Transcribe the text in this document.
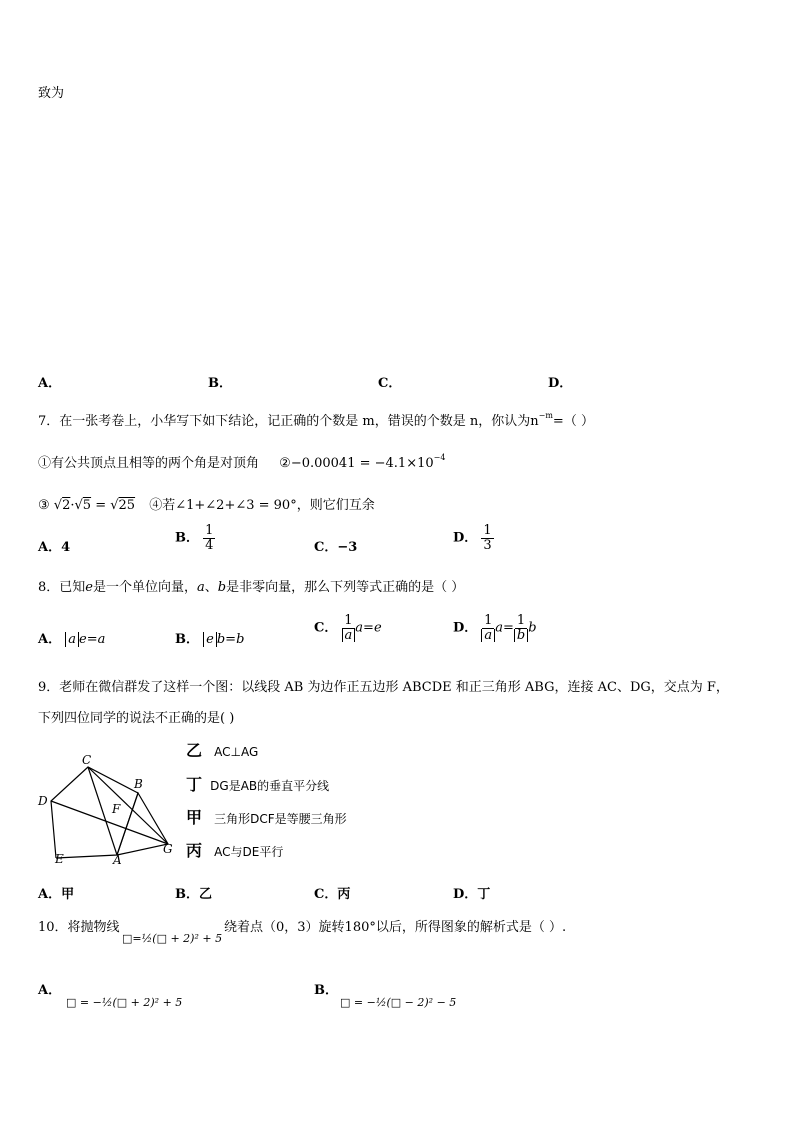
致为
A．	B．	C．	D．
7．在一张考卷上，小华写下如下结论，记正确的个数是 m，错误的个数是 n，你认为$n^{-m}=$（ ）
①有公共顶点且相等的两个角是对顶角 ②−0.00041 = $-4.1\times 10^{-4}$
③ √2·√5 = √25 ④若∠1+∠2+∠3 = 90°，则它们互余
A．4
B． $\frac{1}{4}$	C．−3
D． $\frac{1}{3}$
8．已知e是一个单位向量，a、b是非零向量，那么下列等式正确的是（ ）
A． a e=a	B． e b=b
C． $\frac{1}{a} a=e$	D． $\frac{1}{a} a= \frac{1}{b}$ b
9．老师在微信群发了这样一个图：以线段 AB 为边作正五边形 ABCDE 和正三角形 ABG，连接 AC、DG，交点为 F，
下列四位同学的说法不正确的是( )
C
D
B
F
E	A
G
乙 AC⊥AG
丁 DG是AB的垂直平分线
甲 三角形DCF是等腰三角形
丙 AC与DE平行
A．甲	B．乙	C．丙	D．丁
10．将抛物线
□=½(□ + 2)² + 5
绕着点（0，3）旋转180°以后，所得图象的解析式是（ ）.
A．
□ = −½(□ + 2)² + 5
B．
□ = −½(□ − 2)² − 5
